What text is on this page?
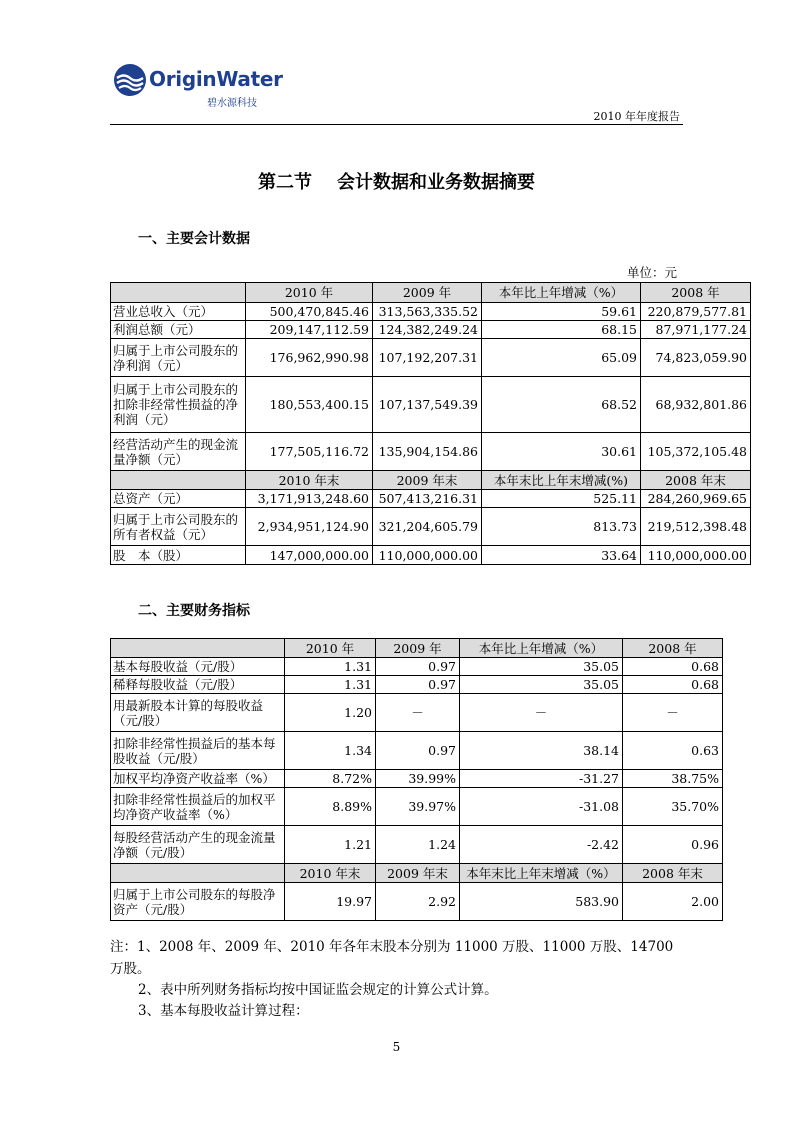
OriginWater
碧水源科技
2010 年年度报告
第二节    会计数据和业务数据摘要
一、主要会计数据
单位：元
	2010 年	2009 年	本年比上年增减（%）	2008 年
营业总收入（元）	500,470,845.46	313,563,335.52	59.61	220,879,577.81
利润总额（元）	209,147,112.59	124,382,249.24	68.15	87,971,177.24
归属于上市公司股东的净利润（元）	176,962,990.98	107,192,207.31	65.09	74,823,059.90
归属于上市公司股东的扣除非经常性损益的净利润（元）	180,553,400.15	107,137,549.39	68.52	68,932,801.86
经营活动产生的现金流量净额（元）	177,505,116.72	135,904,154.86	30.61	105,372,105.48
	2010 年末	2009 年末	本年末比上年末增减(%)	2008 年末
总资产（元）	3,171,913,248.60	507,413,216.31	525.11	284,260,969.65
归属于上市公司股东的所有者权益（元）	2,934,951,124.90	321,204,605.79	813.73	219,512,398.48
股　本（股）	147,000,000.00	110,000,000.00	33.64	110,000,000.00
二、主要财务指标
	2010 年	2009 年	本年比上年增减（%）	2008 年
基本每股收益（元/股）	1.31	0.97	35.05	0.68
稀释每股收益（元/股）	1.31	0.97	35.05	0.68
用最新股本计算的每股收益（元/股）	1.20	－	－	－
扣除非经常性损益后的基本每股收益（元/股）	1.34	0.97	38.14	0.63
加权平均净资产收益率（%）	8.72%	39.99%	-31.27	38.75%
扣除非经常性损益后的加权平均净资产收益率（%）	8.89%	39.97%	-31.08	35.70%
每股经营活动产生的现金流量净额（元/股）	1.21	1.24	-2.42	0.96
	2010 年末	2009 年末	本年末比上年末增减（%）	2008 年末
归属于上市公司股东的每股净资产（元/股）	19.97	2.92	583.90	2.00
注：1、2008 年、2009 年、2010 年各年末股本分别为 11000 万股、11000 万股、14700
万股。
2、表中所列财务指标均按中国证监会规定的计算公式计算。
3、基本每股收益计算过程：
5
